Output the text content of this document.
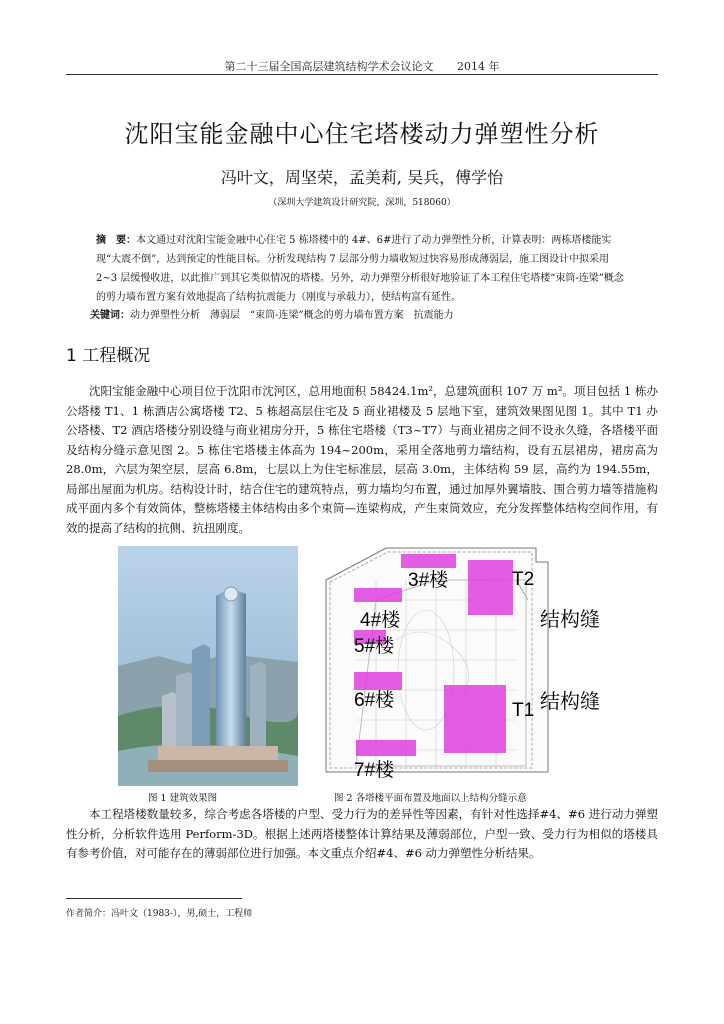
第二十三届全国高层建筑结构学术会议论文 2014 年
沈阳宝能金融中心住宅塔楼动力弹塑性分析
冯叶文，周坚荣，孟美莉, 吴兵，傅学怡
（深圳大学建筑设计研究院，深圳，518060）
摘　要：本文通过对沈阳宝能金融中心住宅 5 栋塔楼中的 4#、6#进行了动力弹塑性分析，计算表明：两栋塔楼能实现“大震不倒”，达到预定的性能目标。分析发现结构 7 层部分剪力墙收短过快容易形成薄弱层，施工图设计中拟采用 2~3 层缓慢收进，以此推广到其它类似情况的塔楼。另外，动力弹塑分析很好地验证了本工程住宅塔楼“束筒-连梁”概念的剪力墙布置方案有效地提高了结构抗震能力（刚度与承载力），使结构富有延性。
关键词：动力弹塑性分析　薄弱层　“束筒-连梁”概念的剪力墙布置方案　抗震能力
1 工程概况
沈阳宝能金融中心项目位于沈阳市沈河区，总用地面积 58424.1m²，总建筑面积 107 万 m²。项目包括 1 栋办公塔楼 T1、1 栋酒店公寓塔楼 T2、5 栋超高层住宅及 5 商业裙楼及 5 层地下室，建筑效果图见图 1。其中 T1 办公塔楼、T2 酒店塔楼分别设缝与商业裙房分开，5 栋住宅塔楼（T3~T7）与商业裙房之间不设永久缝，各塔楼平面及结构分缝示意见图 2。5 栋住宅塔楼主体高为 194~200m，采用全落地剪力墙结构，设有五层裙房，裙房高为 28.0m，六层为架空层，层高 6.8m，七层以上为住宅标准层，层高 3.0m，主体结构 59 层，高约为 194.55m，局部出屋面为机房。结构设计时，结合住宅的建筑特点，剪力墙均匀布置，通过加厚外翼墙肢、围合剪力墙等措施构成平面内多个有效筒体，整栋塔楼主体结构由多个束筒—连梁构成，产生束筒效应，充分发挥整体结构空间作用，有效的提高了结构的抗侧、抗扭刚度。
3#楼	T2
4#楼
5#楼
6#楼	T1
7#楼
结构缝
结构缝
图 1 建筑效果图	图 2 各塔楼平面布置及地面以上结构分缝示意
本工程塔楼数量较多，综合考虑各塔楼的户型、受力行为的差异性等因素，有针对性选择#4、#6 进行动力弹塑性分析，分析软件选用 Perform-3D。根据上述两塔楼整体计算结果及薄弱部位，户型一致、受力行为相似的塔楼具有参考价值，对可能存在的薄弱部位进行加强。本文重点介绍#4、#6 动力弹塑性分析结果。
作者简介：冯叶文（1983-），男,硕士，工程师
